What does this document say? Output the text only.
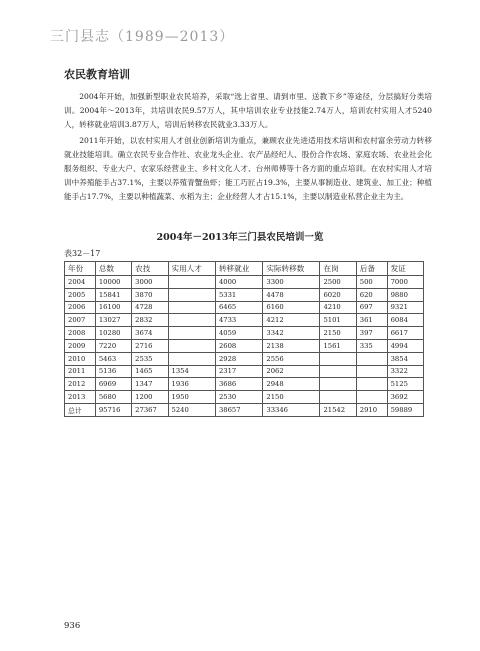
三门县志（1989—2013）
农民教育培训

2004年开始，加强新型职业农民培养，采取“选上省里、请到市里、送教下乡”等途径，分层搞好分类培训。2004年～2013年，共培训农民9.57万人，其中培训农业专业技能2.74万人，培训农村实用人才5240人，转移就业培训3.87万人，培训后转移农民就业3.33万人。

2011年开始，以农村实用人才创业创新培训为重点，兼顾农业先进适用技术培训和农村富余劳动力转移就业技能培训。确立农民专业合作社、农业龙头企业、农产品经纪人、股份合作农场、家庭农场、农业社会化服务组织、专业大户、农家乐经营业主、乡村文化人才、台州师傅等十各方面的重点培训。在农村实用人才培训中养殖能手占37.1%，主要以养殖青蟹鱼虾；能工巧匠占19.3%，主要从事制造业、建筑业、加工业；种植能手占17.7%，主要以种植蔬菜、水稻为主；企业经营人才占15.1%，主要以制造业私营企业主为主。

2004年－2013年三门县农民培训一览
表32－17
年份	总数	农技	实用人才	转移就业	实际转移数	在岗	后备	发证
2004	10000	3000		4000	3300	2500	500	7000
2005	15841	3870		5331	4478	6020	620	9880
2006	16100	4728		6465	6160	4210	697	9321
2007	13027	2832		4733	4212	5101	361	6084
2008	10280	3674		4059	3342	2150	397	6617
2009	7220	2716		2608	2138	1561	335	4994
2010	5463	2535		2928	2556			3854
2011	5136	1465	1354	2317	2062			3322
2012	6969	1347	1936	3686	2948			5125
2013	5680	1200	1950	2530	2150			3692
总计	95716	27367	5240	38657	33346	21542	2910	59889
936
